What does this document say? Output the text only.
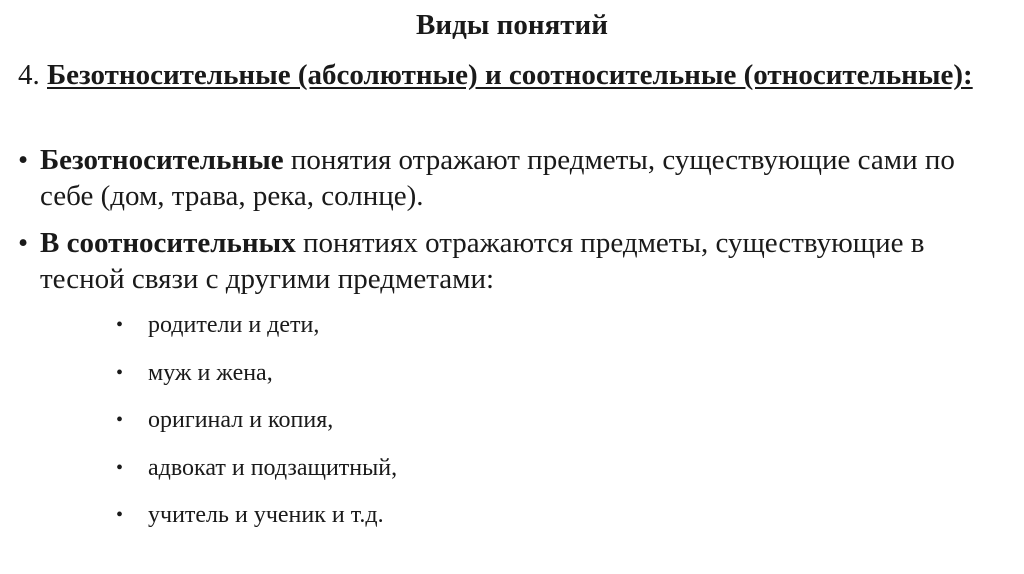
Виды понятий
4. Безотносительные (абсолютные) и соотносительные (относительные):
• Безотносительные понятия отражают предметы, существующие сами по себе (дом, трава, река, солнце).
• В соотносительных понятиях отражаются предметы, существующие в тесной связи с другими предметами:
• родители и дети,
• муж и жена,
• оригинал и копия,
• адвокат и подзащитный,
• учитель и ученик и т.д.
